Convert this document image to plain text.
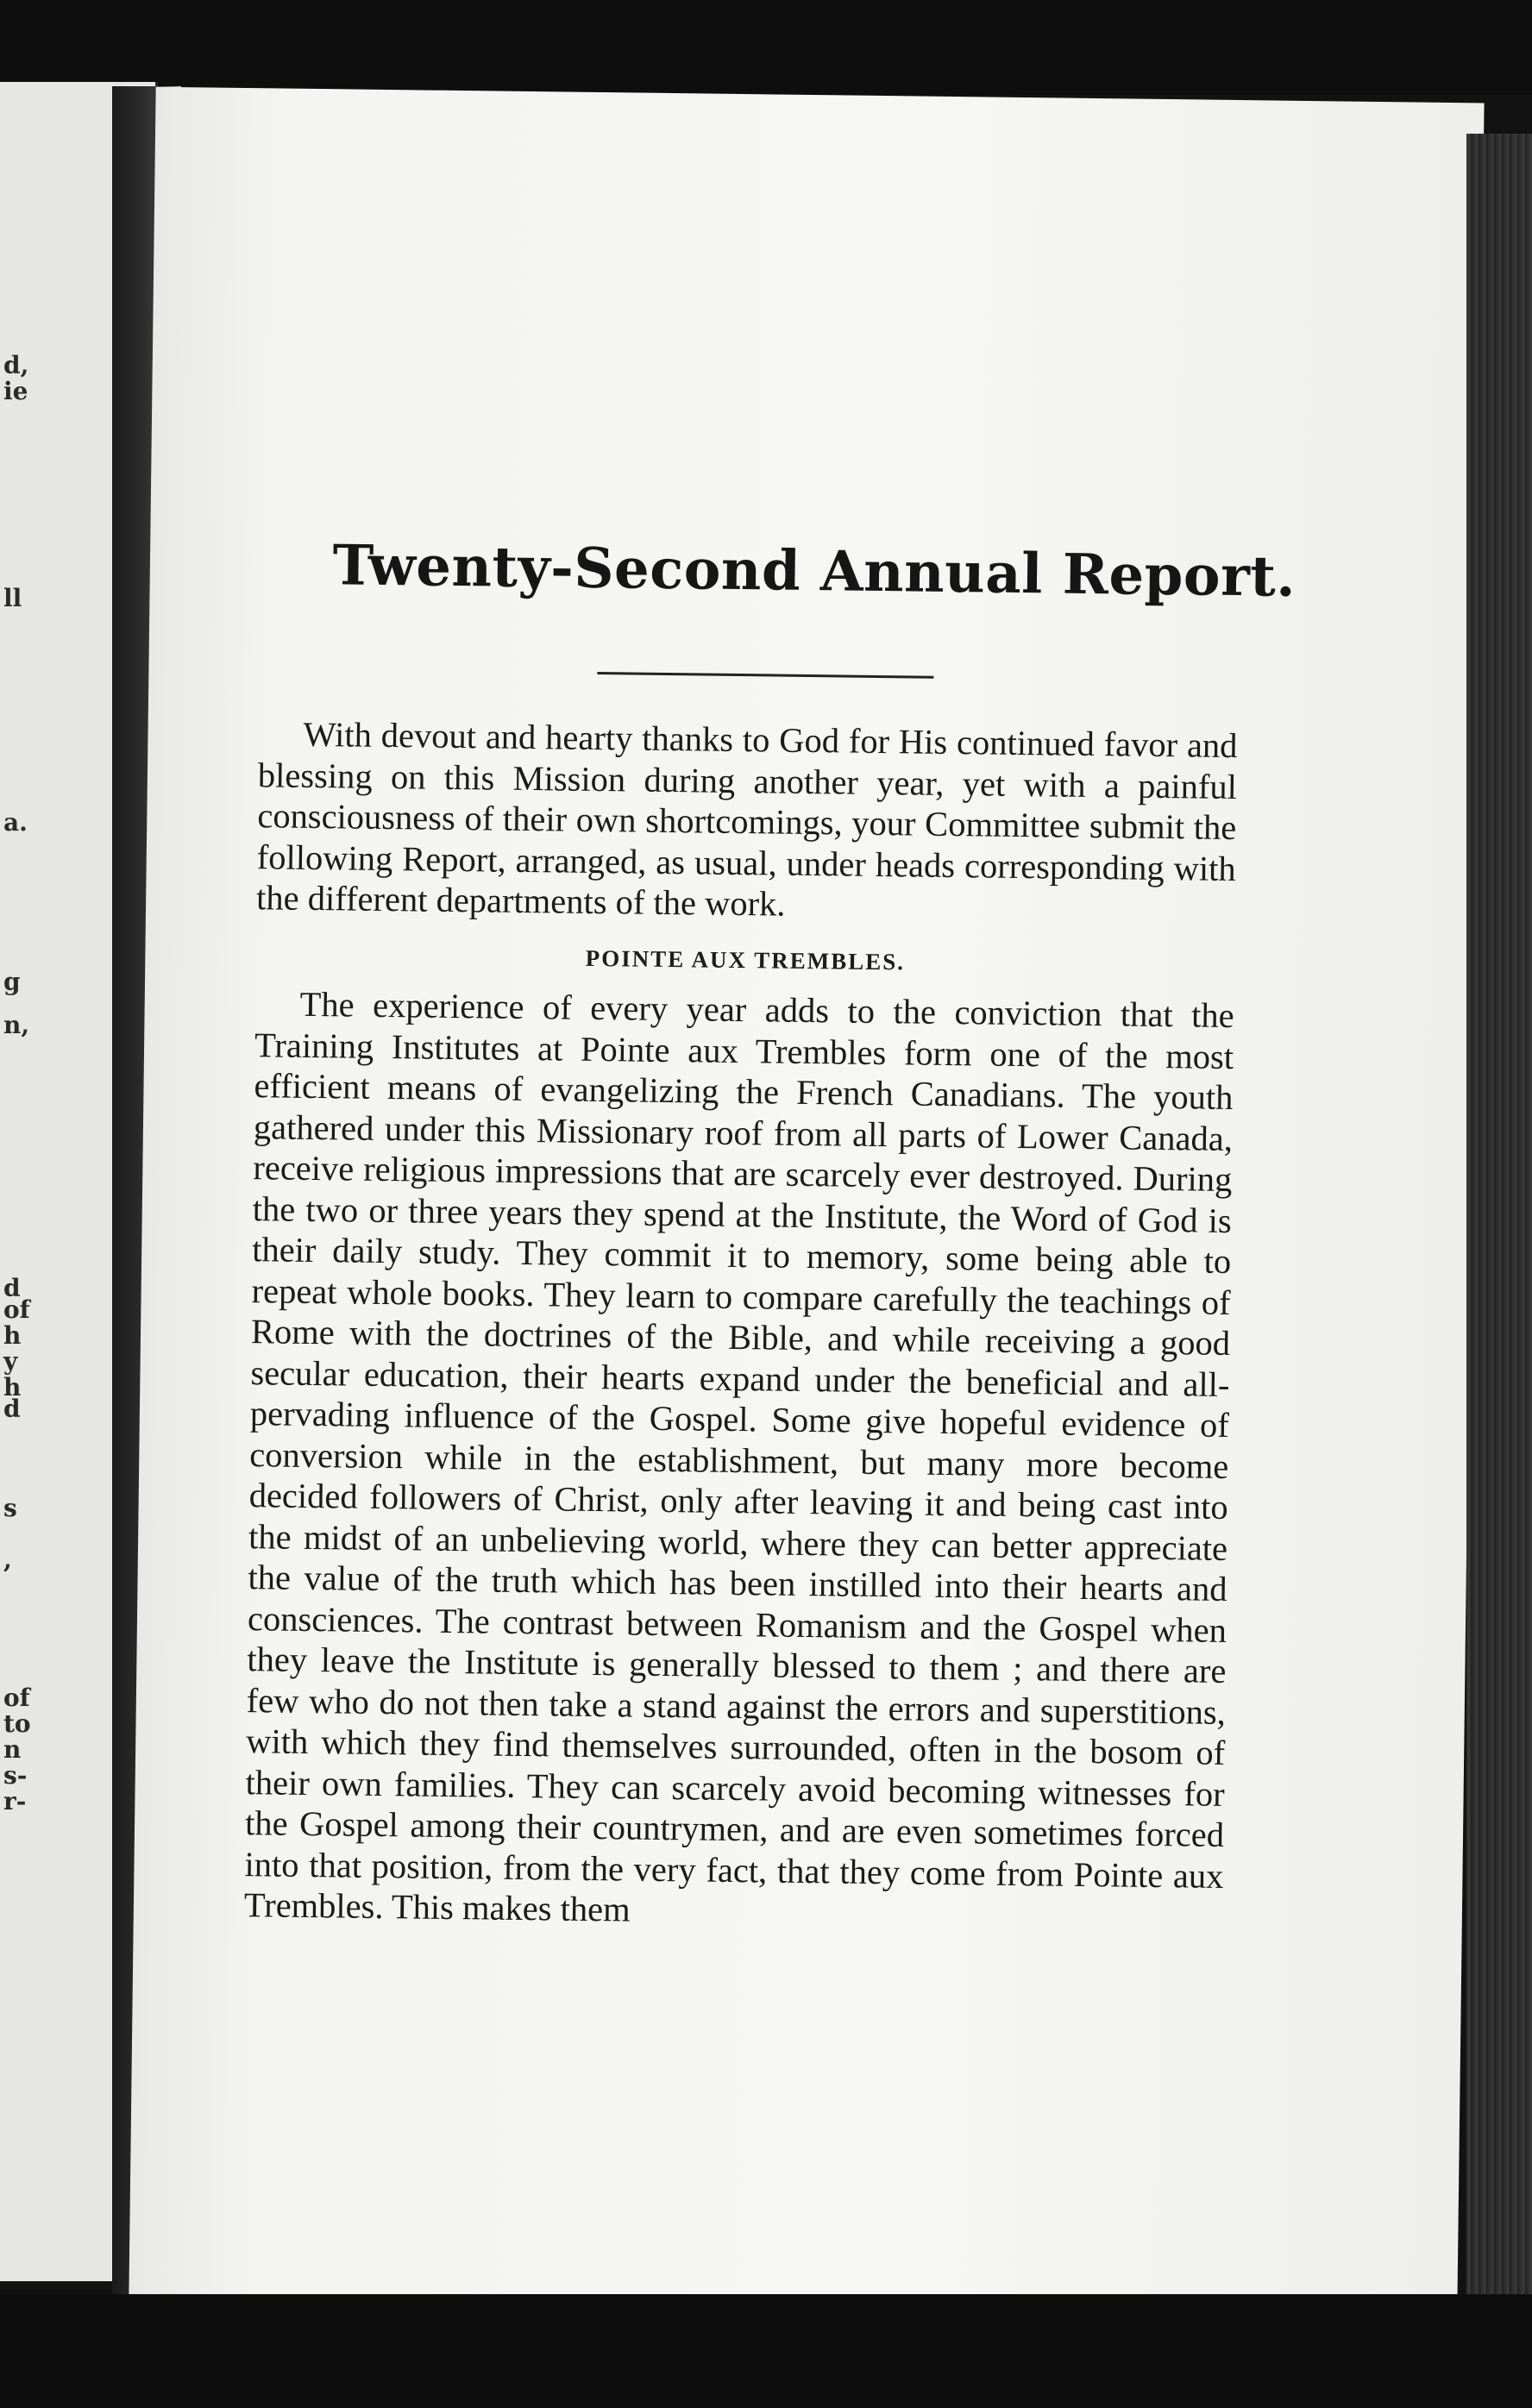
d,
ie
ll
a.
g
n,
d
of
h
y
h
d
s
,
of
to
n
s-
r-
Twenty-Second Annual Report.

With devout and hearty thanks to God for His continued favor and blessing on this Mission during another year, yet with a painful consciousness of their own shortcomings, your Committee submit the following Report, arranged, as usual, under heads corresponding with the different departments of the work.

POINTE AUX TREMBLES.

The experience of every year adds to the conviction that the Training Institutes at Pointe aux Trembles form one of the most efficient means of evangelizing the French Canadians. The youth gathered under this Missionary roof from all parts of Lower Canada, receive religious impressions that are scarcely ever destroyed. During the two or three years they spend at the Institute, the Word of God is their daily study. They commit it to memory, some being able to repeat whole books. They learn to compare carefully the teachings of Rome with the doctrines of the Bible, and while receiving a good secular education, their hearts expand under the beneficial and all-pervading influence of the Gospel. Some give hopeful evidence of conversion while in the establishment, but many more become decided followers of Christ, only after leaving it and being cast into the midst of an unbelieving world, where they can better appreciate the value of the truth which has been instilled into their hearts and consciences. The contrast between Romanism and the Gospel when they leave the Institute is generally blessed to them ; and there are few who do not then take a stand against the errors and superstitions, with which they find themselves surrounded, often in the bosom of their own families. They can scarcely avoid becoming witnesses for the Gospel among their countrymen, and are even sometimes forced into that position, from the very fact, that they come from Pointe aux Trembles. This makes them
